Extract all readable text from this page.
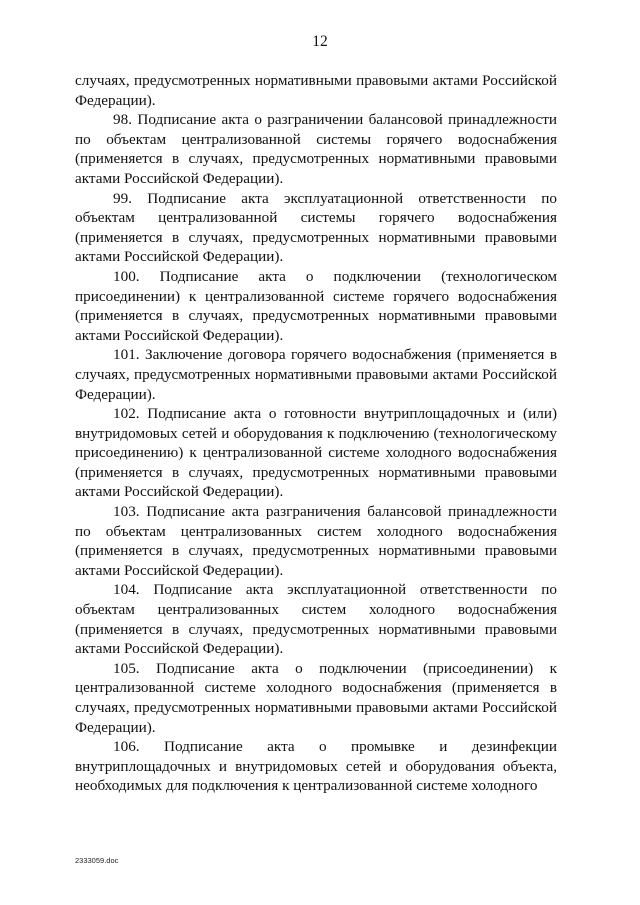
12

случаях, предусмотренных нормативными правовыми актами Российской Федерации).

98. Подписание акта о разграничении балансовой принадлежности по объектам централизованной системы горячего водоснабжения (применяется в случаях, предусмотренных нормативными правовыми актами Российской Федерации).

99. Подписание акта эксплуатационной ответственности по объектам централизованной системы горячего водоснабжения (применяется в случаях, предусмотренных нормативными правовыми актами Российской Федерации).

100. Подписание акта о подключении (технологическом присоединении) к централизованной системе горячего водоснабжения (применяется в случаях, предусмотренных нормативными правовыми актами Российской Федерации).

101. Заключение договора горячего водоснабжения (применяется в случаях, предусмотренных нормативными правовыми актами Российской Федерации).

102. Подписание акта о готовности внутриплощадочных и (или) внутридомовых сетей и оборудования к подключению (технологическому присоединению) к централизованной системе холодного водоснабжения (применяется в случаях, предусмотренных нормативными правовыми актами Российской Федерации).

103. Подписание акта разграничения балансовой принадлежности по объектам централизованных систем холодного водоснабжения (применяется в случаях, предусмотренных нормативными правовыми актами Российской Федерации).

104. Подписание акта эксплуатационной ответственности по объектам централизованных систем холодного водоснабжения (применяется в случаях, предусмотренных нормативными правовыми актами Российской Федерации).

105. Подписание акта о подключении (присоединении) к централизованной системе холодного водоснабжения (применяется в случаях, предусмотренных нормативными правовыми актами Российской Федерации).

106. Подписание акта о промывке и дезинфекции внутриплощадочных и внутридомовых сетей и оборудования объекта, необходимых для подключения к централизованной системе холодного

2333059.doc
